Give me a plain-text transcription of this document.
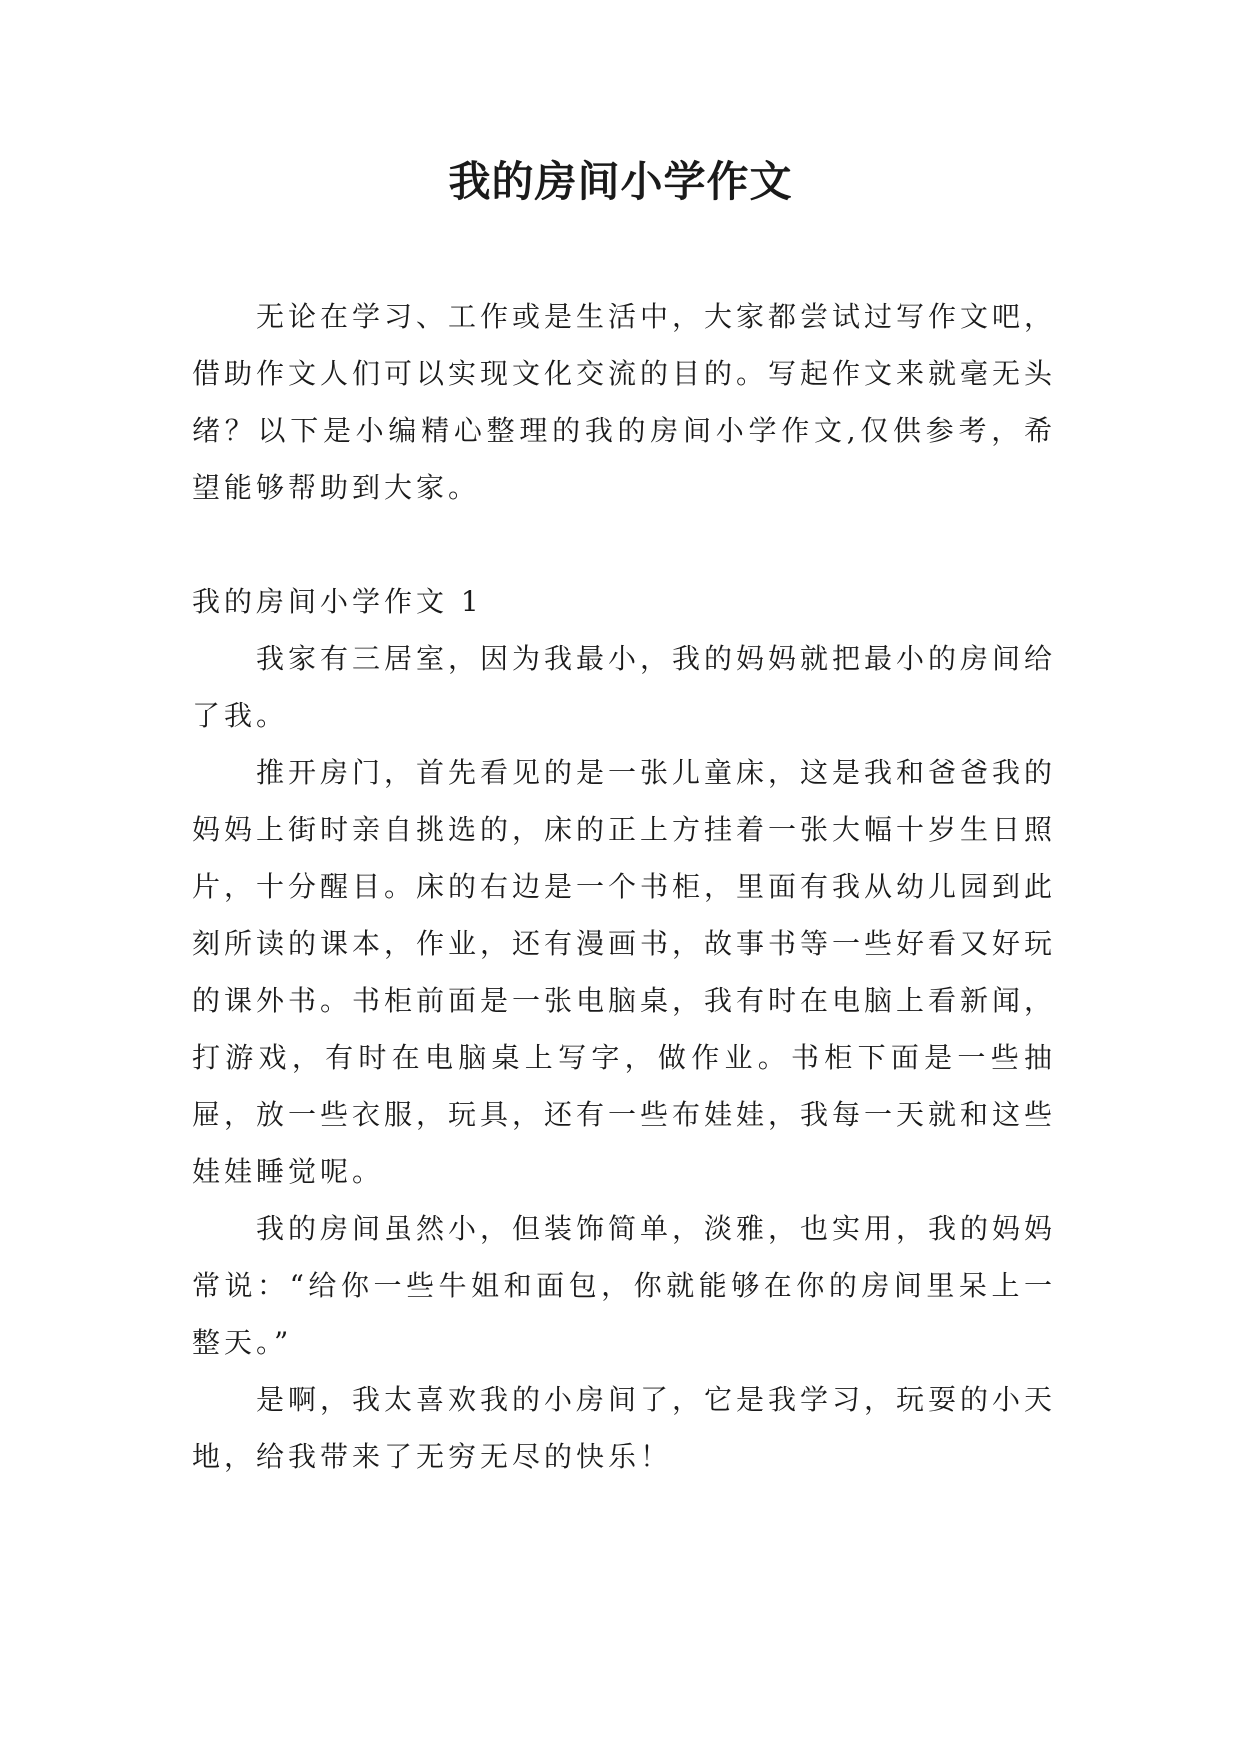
我的房间小学作文

无论在学习、工作或是生活中，大家都尝试过写作文吧，借助作文人们可以实现文化交流的目的。写起作文来就毫无头绪？以下是小编精心整理的我的房间小学作文,仅供参考，希望能够帮助到大家。

我的房间小学作文 1

我家有三居室，因为我最小，我的妈妈就把最小的房间给了我。

推开房门，首先看见的是一张儿童床，这是我和爸爸我的妈妈上街时亲自挑选的，床的正上方挂着一张大幅十岁生日照片，十分醒目。床的右边是一个书柜，里面有我从幼儿园到此刻所读的课本，作业，还有漫画书，故事书等一些好看又好玩的课外书。书柜前面是一张电脑桌，我有时在电脑上看新闻，打游戏，有时在电脑桌上写字，做作业。书柜下面是一些抽屉，放一些衣服，玩具，还有一些布娃娃，我每一天就和这些娃娃睡觉呢。

我的房间虽然小，但装饰简单，淡雅，也实用，我的妈妈常说：“给你一些牛姐和面包，你就能够在你的房间里呆上一整天。”

是啊，我太喜欢我的小房间了，它是我学习，玩耍的小天地，给我带来了无穷无尽的快乐！
